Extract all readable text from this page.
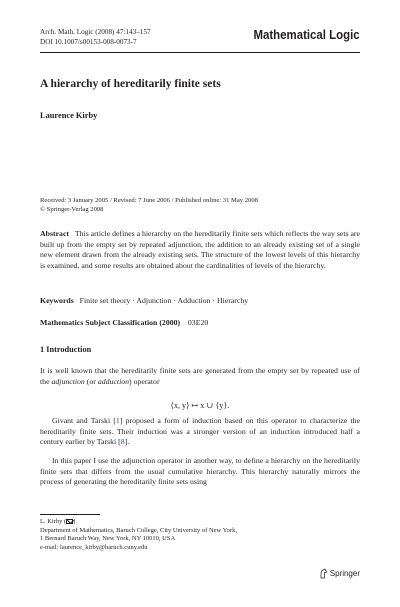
Arch. Math. Logic (2008) 47:143–157
DOI 10.1007/s00153-008-0073-7	Mathematical Logic
A hierarchy of hereditarily finite sets
Laurence Kirby
Received: 3 January 2005 / Revised: 7 June 2006 / Published online: 31 May 2008
© Springer-Verlag 2008
Abstract This article defines a hierarchy on the hereditarily finite sets which reflects the way sets are built up from the empty set by repeated adjunction, the addition to an already existing set of a single new element drawn from the already existing sets. The structure of the lowest levels of this hierarchy is examined, and some results are obtained about the cardinalities of levels of the hierarchy.
Keywords Finite set theory · Adjunction · Adduction · Hierarchy
Mathematics Subject Classification (2000) 03E20
1 Introduction
It is well known that the hereditarily finite sets are generated from the empty set by repeated use of the adjunction (or adduction) operator
⟨x, y⟩ ↦ x ∪ {y}.
Givant and Tarski [1] proposed a form of induction based on this operator to characterize the hereditarily finite sets. Their induction was a stronger version of an induction introduced half a century earlier by Tarski [8].
In this paper I use the adjunction operator in another way, to define a hierarchy on the hereditarily finite sets that differs from the usual cumulative hierarchy. This hierarchy naturally mirrors the process of generating the hereditarily finite sets using
L. Kirby ( )
Department of Mathematics, Baruch College, City University of New York,
1 Bernard Baruch Way, New York, NY 10010, USA
e-mail: laurence_kirby@baruch.cuny.edu
Springer
